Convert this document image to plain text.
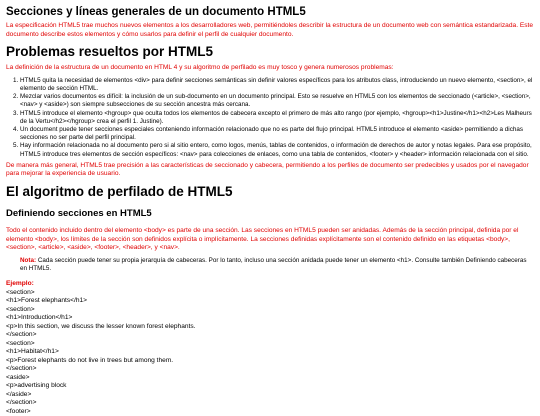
Secciones y líneas generales de un documento HTML5

La especificación HTML5 trae muchos nuevos elementos a los desarrolladores web, permitiéndoles describir la estructura de un documento web con semántica estandarizada. Este documento describe estos elementos y cómo usarlos para definir el perfil de cualquier documento.

Problemas resueltos por HTML5

La definición de la estructura de un documento en HTML 4 y su algoritmo de perfilado es muy tosco y genera numerosos problemas:

1. HTML5 quita la necesidad de elementos <div> para definir secciones semánticas sin definir valores específicos para los atributos class, introduciendo un nuevo elemento, <section>, el elemento de sección HTML.
2. Mezclar varios documentos es difícil: la inclusión de un sub-documento en un documento principal. Esto se resuelve en HTML5 con los elementos de seccionado (<article>, <section>, <nav> y <aside>) son siempre subsecciones de su sección ancestra más cercana.
3. HTML5 introduce el elemento <hgroup> que oculta todos los elementos de cabecera excepto el primero de más alto rango (por ejemplo, <hgroup><h1>Justine</h1><h2>Les Malheurs de la Vertu</h2></hgroup> crea el perfil 1. Justine).
4. Un document puede tener secciones especiales conteniendo información relacionado que no es parte del flujo principal. HTML5 introduce el elemento <aside> permitiendo a dichas secciones no ser parte del perfil principal.
5. Hay información relacionada no al documento pero si al sitio entero, como logos, menús, tablas de contenidos, o información de derechos de autor y notas legales. Para ese propósito, HTML5 introduce tres elementos de sección específicos: <nav> para colecciones de enlaces, como una tabla de contenidos, <footer> y <header> información relacionada con el sitio.

De manera más general, HTML5 trae precisión a las características de seccionado y cabecera, permitiendo a los perfiles de documento ser predecibles y usados por el navegador para mejorar la experiencia de usuario.

El algoritmo de perfilado de HTML5
Definiendo secciones en HTML5

Todo el contenido incluido dentro del elemento <body> es parte de una sección. Las secciones en HTML5 pueden ser anidadas. Además de la sección principal, definida por el elemento <body>, los límites de la sección son definidos explícita o implícitamente. La secciones definidas explícitamente son el contenido definido en las etiquetas <body>, <section>, <article>, <aside>, <footer>, <header>, y <nav>.

Nota: Cada sección puede tener su propia jerarquía de cabeceras. Por lo tanto, incluso una sección anidada puede tener un elemento <h1>. Consulte también Definiendo cabeceras en HTML5.

Ejemplo:
<section>
<h1>Forest elephants</h1>
<section>
<h1>Introduction</h1>
<p>In this section, we discuss the lesser known forest elephants.
</section>
<section>
<h1>Habitat</h1>
<p>Forest elephants do not live in trees but among them.
</section>
<aside>
<p>advertising block
</aside>
</section>
<footer>
